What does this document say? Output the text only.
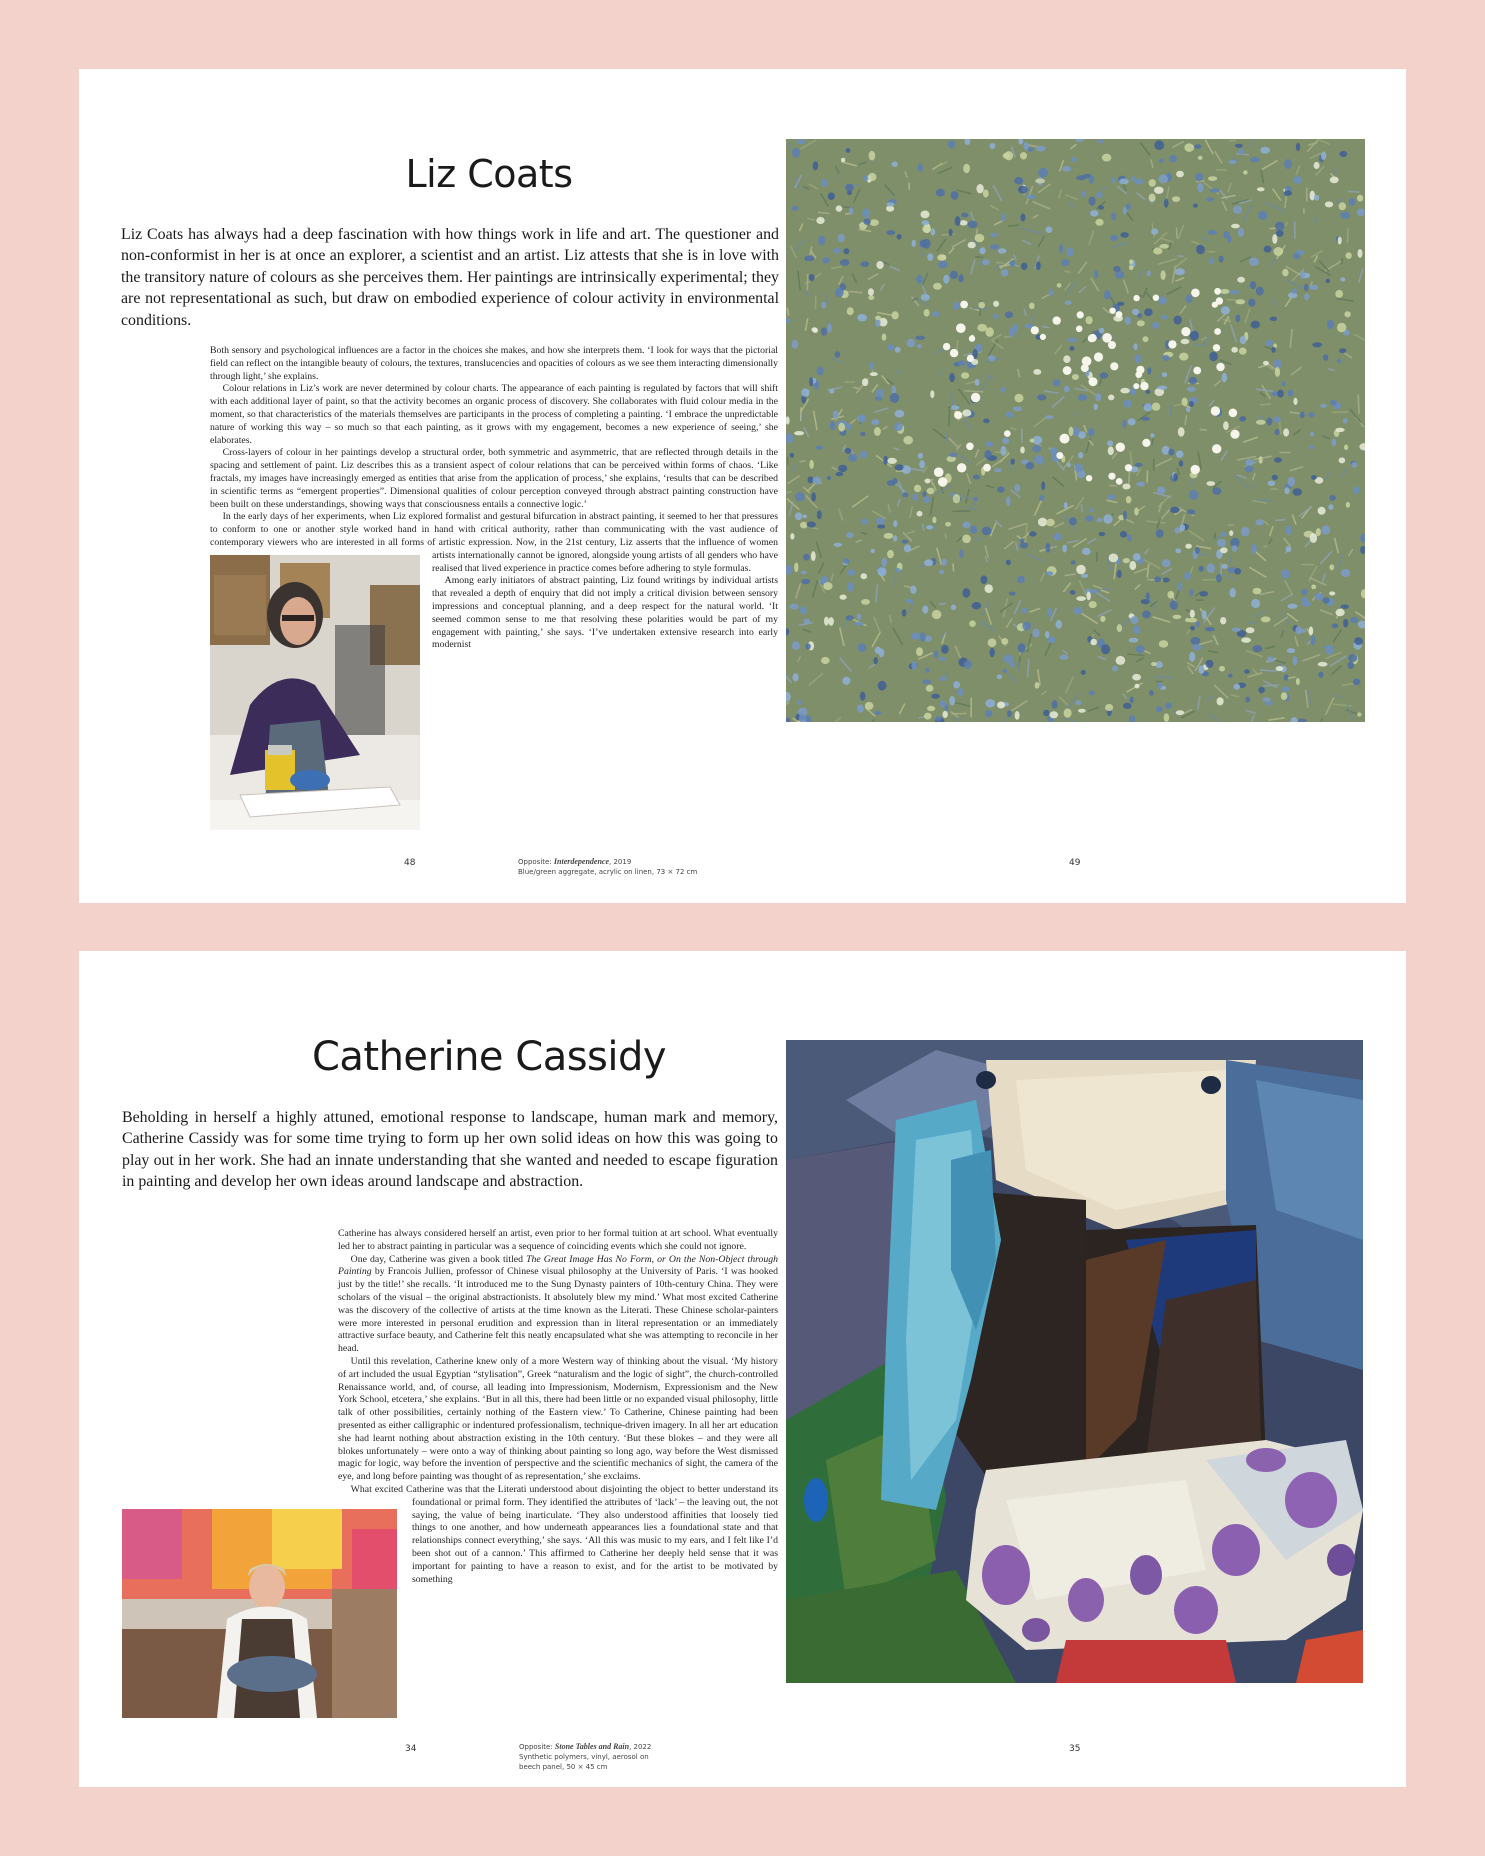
Liz Coats

Liz Coats has always had a deep fascination with how things work in life and art. The questioner and non-conformist in her is at once an explorer, a scientist and an artist. Liz attests that she is in love with the transitory nature of colours as she perceives them. Her paintings are intrinsically experimental; they are not representational as such, but draw on embodied experience of colour activity in environmental conditions.

Both sensory and psychological influences are a factor in the choices she makes, and how she interprets them. ‘I look for ways that the pictorial field can reflect on the intangible beauty of colours, the textures, translucencies and opacities of colours as we see them interacting dimensionally through light,’ she explains.

Colour relations in Liz’s work are never determined by colour charts. The appearance of each painting is regulated by factors that will shift with each additional layer of paint, so that the activity becomes an organic process of discovery. She collaborates with fluid colour media in the moment, so that characteristics of the materials themselves are participants in the process of completing a painting. ‘I embrace the unpredictable nature of working this way – so much so that each painting, as it grows with my engagement, becomes a new experience of seeing,’ she elaborates.

Cross-layers of colour in her paintings develop a structural order, both symmetric and asymmetric, that are reflected through details in the spacing and settlement of paint. Liz describes this as a transient aspect of colour relations that can be perceived within forms of chaos. ‘Like fractals, my images have increasingly emerged as entities that arise from the application of process,’ she explains, ‘results that can be described in scientific terms as “emergent properties”. Dimensional qualities of colour perception conveyed through abstract painting construction have been built on these understandings, showing ways that consciousness entails a connective logic.’

In the early days of her experiments, when Liz explored formalist and gestural bifurcation in abstract painting, it seemed to her that pressures to conform to one or another style worked hand in hand with critical authority, rather than communicating with the vast audience of contemporary viewers who are interested in all forms of artistic expression. Now, in the 21st century, Liz asserts that the influence of women artists internationally cannot be ignored, alongside young artists of all genders who have realised that lived experience in practice comes before adhering to style formulas.

Among early initiators of abstract painting, Liz found writings by individual artists that revealed a depth of enquiry that did not imply a critical division between sensory impressions and conceptual planning, and a deep respect for the natural world. ‘It seemed common sense to me that resolving these polarities would be part of my engagement with painting,’ she says. ‘I’ve undertaken extensive research into early modernist

48	Opposite: Interdependence, 2019
Blue/green aggregate, acrylic on linen, 73 × 72 cm
49
Catherine Cassidy

Beholding in herself a highly attuned, emotional response to landscape, human mark and memory, Catherine Cassidy was for some time trying to form up her own solid ideas on how this was going to play out in her work. She had an innate understanding that she wanted and needed to escape figuration in painting and develop her own ideas around landscape and abstraction.

Catherine has always considered herself an artist, even prior to her formal tuition at art school. What eventually led her to abstract painting in particular was a sequence of coinciding events which she could not ignore.

One day, Catherine was given a book titled The Great Image Has No Form, or On the Non-Object through Painting by Francois Jullien, professor of Chinese visual philosophy at the University of Paris. ‘I was hooked just by the title!’ she recalls. ‘It introduced me to the Sung Dynasty painters of 10th-century China. They were scholars of the visual – the original abstractionists. It absolutely blew my mind.’ What most excited Catherine was the discovery of the collective of artists at the time known as the Literati. These Chinese scholar-painters were more interested in personal erudition and expression than in literal representation or an immediately attractive surface beauty, and Catherine felt this neatly encapsulated what she was attempting to reconcile in her head.

Until this revelation, Catherine knew only of a more Western way of thinking about the visual. ‘My history of art included the usual Egyptian “stylisation”, Greek “naturalism and the logic of sight”, the church-controlled Renaissance world, and, of course, all leading into Impressionism, Modernism, Expressionism and the New York School, etcetera,’ she explains. ‘But in all this, there had been little or no expanded visual philosophy, little talk of other possibilities, certainly nothing of the Eastern view.’ To Catherine, Chinese painting had been presented as either calligraphic or indentured professionalism, technique-driven imagery. In all her art education she had learnt nothing about abstraction existing in the 10th century. ‘But these blokes – and they were all blokes unfortunately – were onto a way of thinking about painting so long ago, way before the West dismissed magic for logic, way before the invention of perspective and the scientific mechanics of sight, the camera of the eye, and long before painting was thought of as representation,’ she exclaims.

What excited Catherine was that the Literati understood about disjointing the object to better understand its foundational or primal form. They identified the attributes of ‘lack’ – the leaving out, the not saying, the value of being inarticulate. ‘They also understood affinities that loosely tied things to one another, and how underneath appearances lies a foundational state and that relationships connect everything,’ she says. ‘All this was music to my ears, and I felt like I’d been shot out of a cannon.’ This affirmed to Catherine her deeply held sense that it was important for painting to have a reason to exist, and for the artist to be motivated by something

34	Opposite: Stone Tables and Rain, 2022
Synthetic polymers, vinyl, aerosol on
beech panel, 50 × 45 cm
35
